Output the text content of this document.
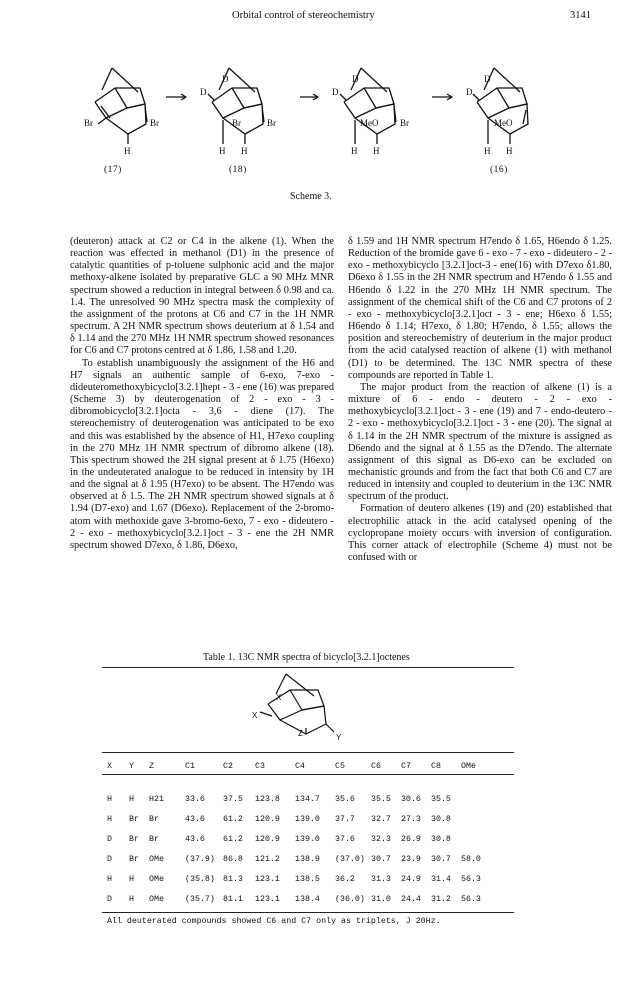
Orbital control of stereochemistry	3141
Br	Br
H
D
D
Br	Br
H H
D
D
MeO Br
H H
D
D
MeO
H H
(17)	(18)	(16)
Scheme 3.

(deuteron) attack at C2 or C4 in the alkene (1). When the reaction was effected in methanol (D1) in the presence of catalytic quantities of p-toluene sulphonic acid and the major methoxy-alkene isolated by preparative GLC a 90 MHz MNR spectrum showed a reduction in integral between δ 0.98 and ca. 1.4. The unresolved 90 MHz spectra mask the complexity of the assignment of the protons at C6 and C7 in the 1H NMR spectrum. A 2H NMR spectrum shows deuterium at δ 1.54 and δ 1.14 and the 270 MHz 1H NMR spectrum showed resonances for C6 and C7 protons centred at δ 1.86, 1.58 and 1.20.

To establish unambiguously the assignment of the H6 and H7 signals an authentic sample of 6-exo, 7-exo - dideuteromethoxybicyclo[3.2.1]hept - 3 - ene (16) was prepared (Scheme 3) by deuterogenation of 2 - exo - 3 - dibromobicyclo[3.2.1]octa - 3,6 - diene (17). The stereochemistry of deuterogenation was anticipated to be exo and this was established by the absence of H1, H7exo coupling in the 270 MHz 1H NMR spectrum of dibromo alkene (18). This spectrum showed the 2H signal present at δ 1.75 (H6exo) in the undeuterated analogue to be reduced in intensity by 1H and the signal at δ 1.95 (H7exo) to be absent. The H7endo was observed at δ 1.5. The 2H NMR spectrum showed signals at δ 1.94 (D7-exo) and 1.67 (D6exo). Replacement of the 2-bromo-atom with methoxide gave 3-bromo-6exo, 7 - exo - dideutero - 2 - exo - methoxybicyclo[3.2.1]oct - 3 - ene the 2H NMR spectrum showed D7exo, δ 1.86, D6exo,

δ 1.59 and 1H NMR spectrum H7endo δ 1.65, H6endo δ 1.25. Reduction of the bromide gave 6 - exo - 7 - exo - dideutero - 2 - exo - methoxybicyclo [3.2.1]oct-3 - ene(16) with D7exo δ1.80, D6exo δ 1.55 in the 2H NMR spectrum and H7endo δ 1.55 and H6endo δ 1.22 in the 270 MHz 1H NMR spectrum. The assignment of the chemical shift of the C6 and C7 protons of 2 - exo - methoxybicyclo[3.2.1]oct - 3 - ene; H6exo δ 1.55; H6endo δ 1.14; H7exo, δ 1.80; H7endo, δ 1.55; allows the position and stereochemistry of deuterium in the major product from the acid catalysed reaction of alkene (1) with methanol (D1) to be determined. The 13C NMR spectra of these compounds are reported in Table 1.

The major product from the reaction of alkene (1) is a mixture of 6 - endo - deutero - 2 - exo - methoxybicyclo[3.2.1]oct - 3 - ene (19) and 7 - endo-deutero - 2 - exo - methoxybicyclo[3.2.1]oct - 3 - ene (20). The signal at δ 1.14 in the 2H NMR spectrum of the mixture is assigned as D6endo and the signal at δ 1.55 as the D7endo. The alternate assignment of this signal as D6-exo can be excluded on mechanistic grounds and from the fact that both C6 and C7 are reduced in intensity and coupled to deuterium in the 13C NMR spectrum of the product.

Formation of deutero alkenes (19) and (20) established that electrophilic attack in the acid catalysed opening of the cyclopropane moiety occurs with inversion of configuration. This corner attack of electrophile (Scheme 4) must not be confused with or

Table 1. 13C NMR spectra of bicyclo[3.2.1]octenes
X
X
Z	Y
X	Y	Z	C1	C2	C3	C4	C5	C6	C7	C8	OMe

H	H	H21	33.6	37.5	123.8	134.7	35.6	35.5	30.6	35.5	
H	Br	Br	43.6	61.2	120.9	139.0	37.7	32.7	27.3	30.8	
D	Br	Br	43.6	61.2	120.9	139.0	37.6	32.3	26.9	30.8	
D	Br	OMe	(37.9)	86.8	121.2	138.9	(37.0)	30.7	23.9	30.7	58.0
H	H	OMe	(35.8)	81.3	123.1	138.5	36.2	31.3	24.9	31.4	56.3
D	H	OMe	(35.7)	81.1	123.1	138.4	(36.0)	31.0	24.4	31.2	56.3
All deuterated compounds showed C6 and C7 only as triplets, J 20Hz.
